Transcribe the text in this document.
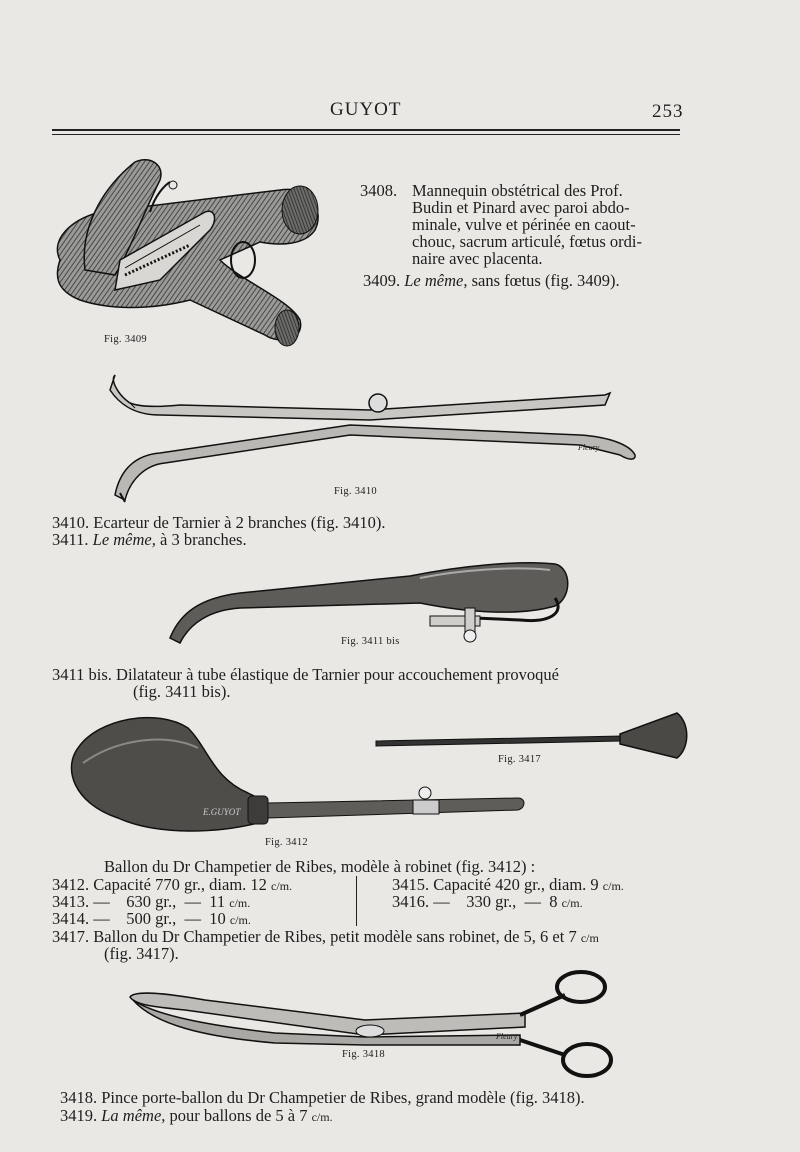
GUYOT	253
Fig. 3409
3408. Mannequin obstétrical des Prof.
Budin et Pinard avec paroi abdo-
minale, vulve et périnée en caout-
chouc, sacrum articulé, fœtus ordi-
naire avec placenta.
3409. Le même, sans fœtus (fig. 3409).
Fleury
Fig. 3410
3410. Ecarteur de Tarnier à 2 branches (fig. 3410).
3411. Le même, à 3 branches.
Fig. 3411 bis
3411 bis. Dilatateur à tube élastique de Tarnier pour accouchement provoqué
(fig. 3411 bis).
E.GUYOT
Fig. 3412
Fig. 3417
Ballon du Dr Champetier de Ribes, modèle à robinet (fig. 3412) :
3412. Capacité 770 gr., diam. 12 c/m.
3413. —    630 gr.,  —  11 c/m.
3414. —    500 gr.,  —  10 c/m.
3415. Capacité 420 gr., diam. 9 c/m.
3416. —    330 gr.,  —  8 c/m.
3417. Ballon du Dr Champetier de Ribes, petit modèle sans robinet, de 5, 6 et 7 c/m
(fig. 3417).
Fleury
Fig. 3418
3418. Pince porte-ballon du Dr Champetier de Ribes, grand modèle (fig. 3418).
3419. La même, pour ballons de 5 à 7 c/m.
